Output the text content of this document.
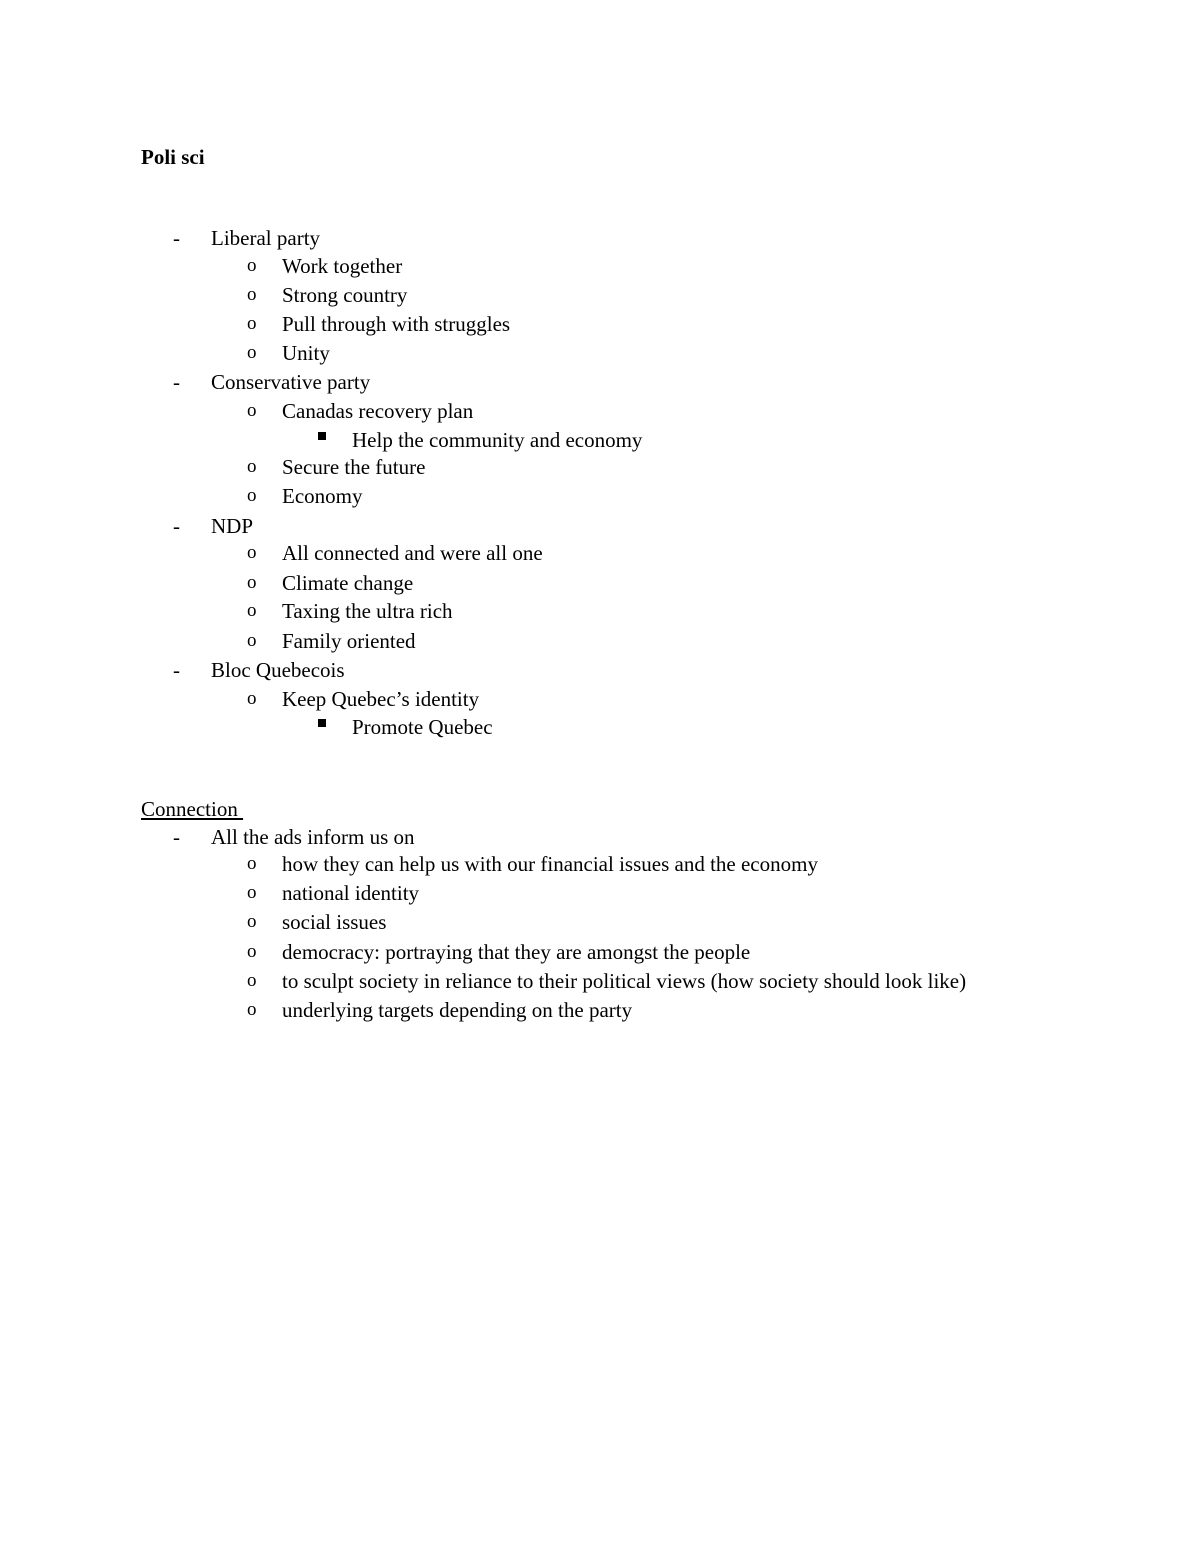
Poli sci
- Liberal party
o Work together
o Strong country
o Pull through with struggles
o Unity
- Conservative party
o Canadas recovery plan
Help the community and economy
o Secure the future
o Economy
- NDP
o All connected and were all one
o Climate change
o Taxing the ultra rich
o Family oriented
- Bloc Quebecois
o Keep Quebec’s identity
Promote Quebec
Connection
- All the ads inform us on
o how they can help us with our financial issues and the economy
o national identity
o social issues
o democracy: portraying that they are amongst the people
o to sculpt society in reliance to their political views (how society should look like)
o underlying targets depending on the party
